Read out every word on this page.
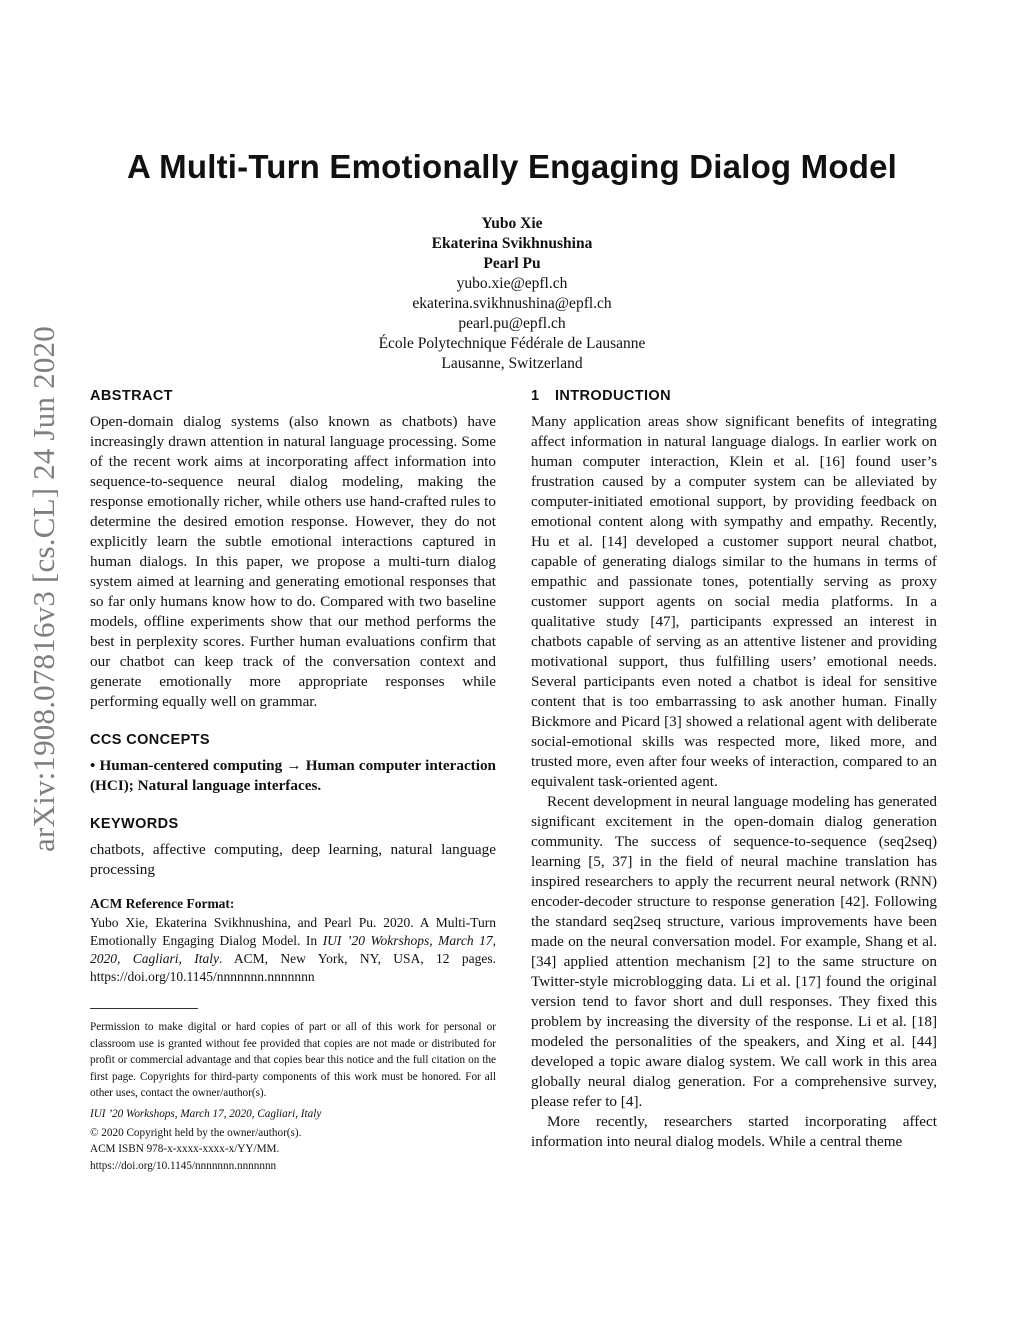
arXiv:1908.07816v3 [cs.CL] 24 Jun 2020
A Multi-Turn Emotionally Engaging Dialog Model
Yubo Xie
Ekaterina Svikhnushina
Pearl Pu
yubo.xie@epfl.ch
ekaterina.svikhnushina@epfl.ch
pearl.pu@epfl.ch
École Polytechnique Fédérale de Lausanne
Lausanne, Switzerland
ABSTRACT

Open-domain dialog systems (also known as chatbots) have increasingly drawn attention in natural language processing. Some of the recent work aims at incorporating affect information into sequence-to-sequence neural dialog modeling, making the response emotionally richer, while others use hand-crafted rules to determine the desired emotion response. However, they do not explicitly learn the subtle emotional interactions captured in human dialogs. In this paper, we propose a multi-turn dialog system aimed at learning and generating emotional responses that so far only humans know how to do. Compared with two baseline models, offline experiments show that our method performs the best in perplexity scores. Further human evaluations confirm that our chatbot can keep track of the conversation context and generate emotionally more appropriate responses while performing equally well on grammar.

CCS CONCEPTS
• Human-centered computing → Human computer interaction (HCI); Natural language interfaces.
KEYWORDS

chatbots, affective computing, deep learning, natural language processing

ACM Reference Format:
Yubo Xie, Ekaterina Svikhnushina, and Pearl Pu. 2020. A Multi-Turn Emotionally Engaging Dialog Model. In IUI ’20 Wokrshops, March 17, 2020, Cagliari, Italy. ACM, New York, NY, USA, 12 pages. https://doi.org/10.1145/nnnnnnn.nnnnnnn
Permission to make digital or hard copies of part or all of this work for personal or classroom use is granted without fee provided that copies are not made or distributed for profit or commercial advantage and that copies bear this notice and the full citation on the first page. Copyrights for third-party components of this work must be honored. For all other uses, contact the owner/author(s).
IUI ’20 Workshops, March 17, 2020, Cagliari, Italy
© 2020 Copyright held by the owner/author(s).
ACM ISBN 978-x-xxxx-xxxx-x/YY/MM.
https://doi.org/10.1145/nnnnnnn.nnnnnnn
1 INTRODUCTION

Many application areas show significant benefits of integrating affect information in natural language dialogs. In earlier work on human computer interaction, Klein et al. [16] found user’s frustration caused by a computer system can be alleviated by computer-initiated emotional support, by providing feedback on emotional content along with sympathy and empathy. Recently, Hu et al. [14] developed a customer support neural chatbot, capable of generating dialogs similar to the humans in terms of empathic and passionate tones, potentially serving as proxy customer support agents on social media platforms. In a qualitative study [47], participants expressed an interest in chatbots capable of serving as an attentive listener and providing motivational support, thus fulfilling users’ emotional needs. Several participants even noted a chatbot is ideal for sensitive content that is too embarrassing to ask another human. Finally Bickmore and Picard [3] showed a relational agent with deliberate social-emotional skills was respected more, liked more, and trusted more, even after four weeks of interaction, compared to an equivalent task-oriented agent.

Recent development in neural language modeling has generated significant excitement in the open-domain dialog generation community. The success of sequence-to-sequence (seq2seq) learning [5, 37] in the field of neural machine translation has inspired researchers to apply the recurrent neural network (RNN) encoder-decoder structure to response generation [42]. Following the standard seq2seq structure, various improvements have been made on the neural conversation model. For example, Shang et al. [34] applied attention mechanism [2] to the same structure on Twitter-style microblogging data. Li et al. [17] found the original version tend to favor short and dull responses. They fixed this problem by increasing the diversity of the response. Li et al. [18] modeled the personalities of the speakers, and Xing et al. [44] developed a topic aware dialog system. We call work in this area globally neural dialog generation. For a comprehensive survey, please refer to [4].

More recently, researchers started incorporating affect information into neural dialog models. While a central theme
